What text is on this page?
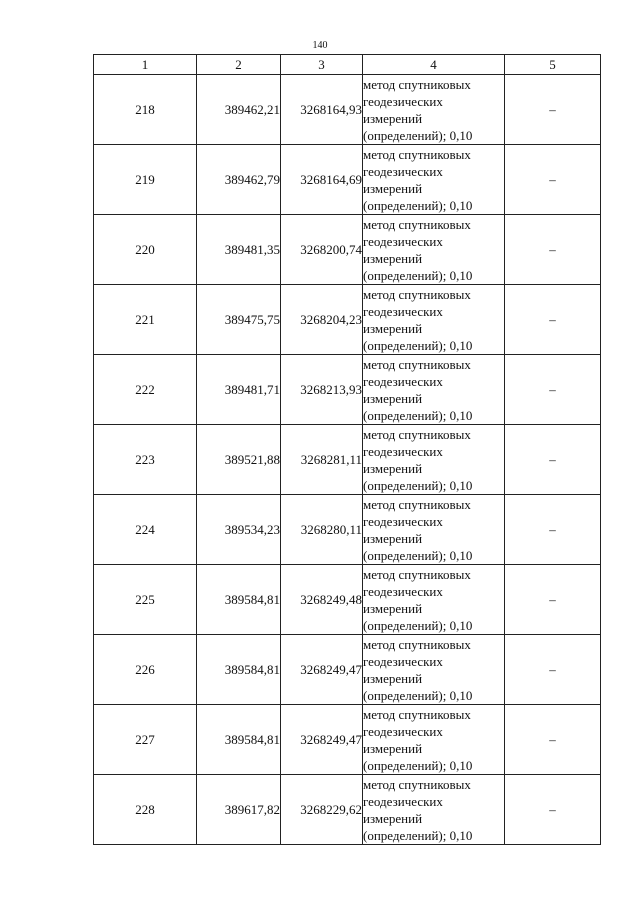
140
1	2	3	4	5
218	389462,21	3268164,93	метод спутниковых
геодезических
измерений
(определений); 0,10	–
219	389462,79	3268164,69	метод спутниковых
геодезических
измерений
(определений); 0,10	–
220	389481,35	3268200,74	метод спутниковых
геодезических
измерений
(определений); 0,10	–
221	389475,75	3268204,23	метод спутниковых
геодезических
измерений
(определений); 0,10	–
222	389481,71	3268213,93	метод спутниковых
геодезических
измерений
(определений); 0,10	–
223	389521,88	3268281,11	метод спутниковых
геодезических
измерений
(определений); 0,10	–
224	389534,23	3268280,11	метод спутниковых
геодезических
измерений
(определений); 0,10	–
225	389584,81	3268249,48	метод спутниковых
геодезических
измерений
(определений); 0,10	–
226	389584,81	3268249,47	метод спутниковых
геодезических
измерений
(определений); 0,10	–
227	389584,81	3268249,47	метод спутниковых
геодезических
измерений
(определений); 0,10	–
228	389617,82	3268229,62	метод спутниковых
геодезических
измерений
(определений); 0,10	–
